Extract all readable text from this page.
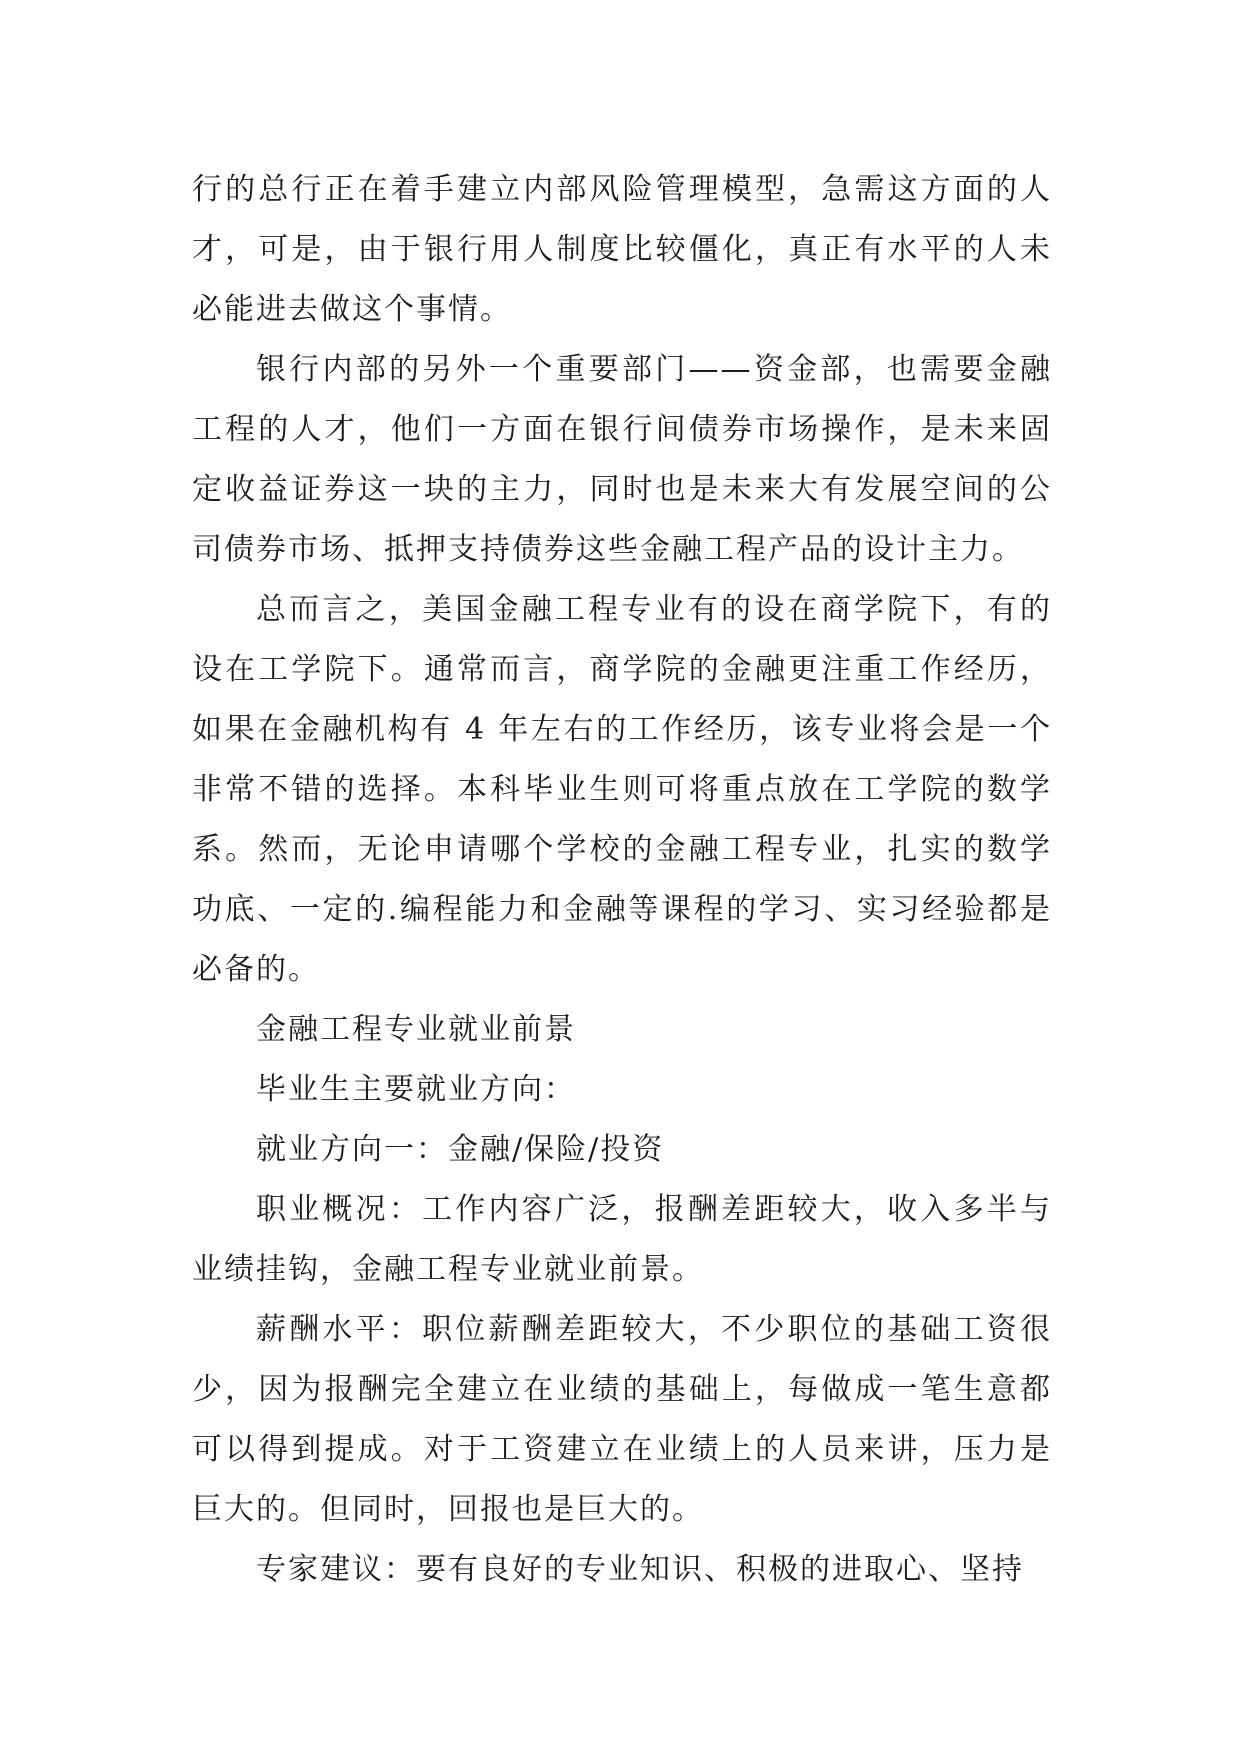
行的总行正在着手建立内部风险管理模型，急需这方面的人才，可是，由于银行用人制度比较僵化，真正有水平的人未必能进去做这个事情。

银行内部的另外一个重要部门——资金部，也需要金融工程的人才，他们一方面在银行间债券市场操作，是未来固定收益证券这一块的主力，同时也是未来大有发展空间的公司债券市场、抵押支持债券这些金融工程产品的设计主力。

总而言之，美国金融工程专业有的设在商学院下，有的设在工学院下。通常而言，商学院的金融更注重工作经历，如果在金融机构有 4 年左右的工作经历，该专业将会是一个非常不错的选择。本科毕业生则可将重点放在工学院的数学系。然而，无论申请哪个学校的金融工程专业，扎实的数学功底、一定的.编程能力和金融等课程的学习、实习经验都是必备的。

金融工程专业就业前景

毕业生主要就业方向：

就业方向一：金融/保险/投资

职业概况：工作内容广泛，报酬差距较大，收入多半与业绩挂钩，金融工程专业就业前景。

薪酬水平：职位薪酬差距较大，不少职位的基础工资很少，因为报酬完全建立在业绩的基础上，每做成一笔生意都可以得到提成。对于工资建立在业绩上的人员来讲，压力是巨大的。但同时，回报也是巨大的。

专家建议：要有良好的专业知识、积极的进取心、坚持
